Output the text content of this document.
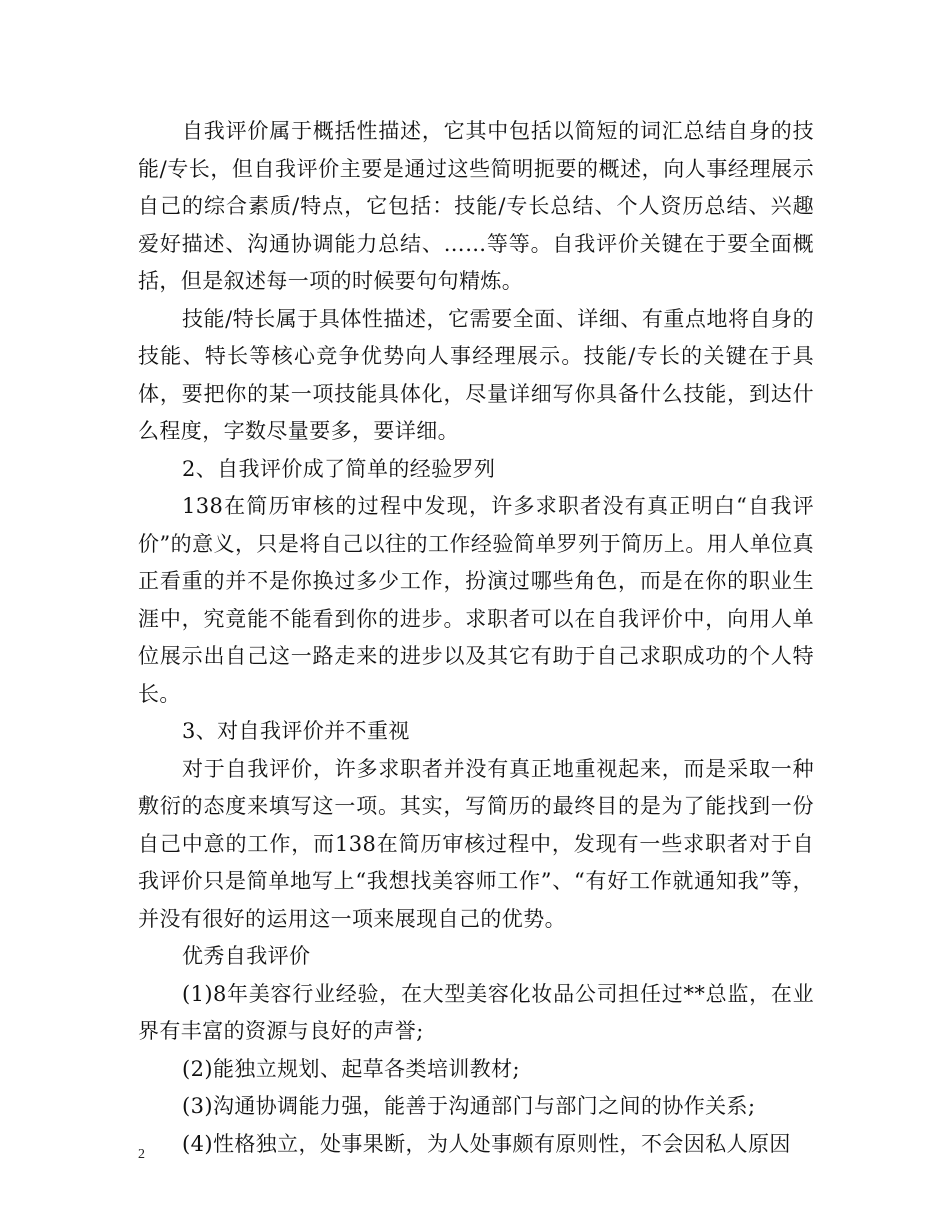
自我评价属于概括性描述，它其中包括以简短的词汇总结自身的技能/专长，但自我评价主要是通过这些简明扼要的概述，向人事经理展示自己的综合素质/特点，它包括：技能/专长总结、个人资历总结、兴趣爱好描述、沟通协调能力总结、……等等。自我评价关键在于要全面概括，但是叙述每一项的时候要句句精炼。

技能/特长属于具体性描述，它需要全面、详细、有重点地将自身的技能、特长等核心竞争优势向人事经理展示。技能/专长的关键在于具体，要把你的某一项技能具体化，尽量详细写你具备什么技能，到达什么程度，字数尽量要多，要详细。

2、自我评价成了简单的经验罗列

138在简历审核的过程中发现，许多求职者没有真正明白“自我评价”的意义，只是将自己以往的工作经验简单罗列于简历上。用人单位真正看重的并不是你换过多少工作，扮演过哪些角色，而是在你的职业生涯中，究竟能不能看到你的进步。求职者可以在自我评价中，向用人单位展示出自己这一路走来的进步以及其它有助于自己求职成功的个人特长。

3、对自我评价并不重视

对于自我评价，许多求职者并没有真正地重视起来，而是采取一种敷衍的态度来填写这一项。其实，写简历的最终目的是为了能找到一份自己中意的工作，而138在简历审核过程中，发现有一些求职者对于自我评价只是简单地写上“我想找美容师工作”、“有好工作就通知我”等，并没有很好的运用这一项来展现自己的优势。

优秀自我评价

(1)8年美容行业经验，在大型美容化妆品公司担任过**总监，在业界有丰富的资源与良好的声誉;

(2)能独立规划、起草各类培训教材;

(3)沟通协调能力强，能善于沟通部门与部门之间的协作关系;

(4)性格独立，处事果断，为人处事颇有原则性，不会因私人原因

2
